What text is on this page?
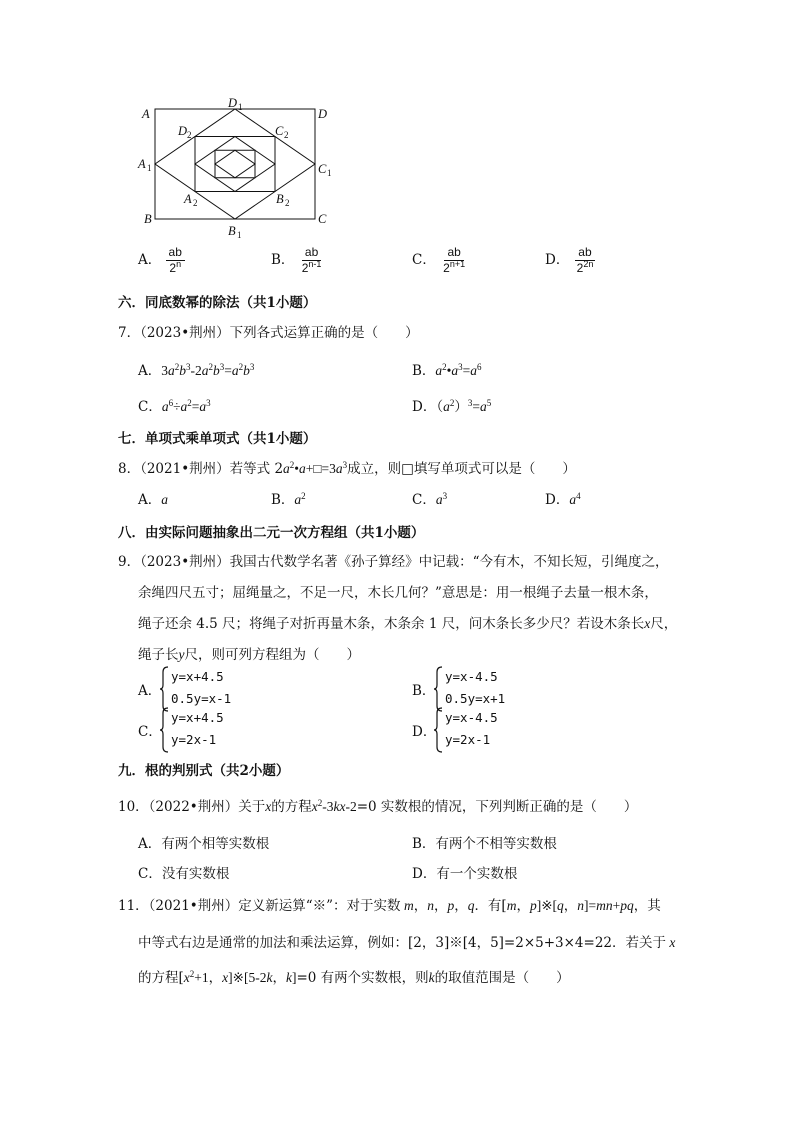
A
D 1	D
D 2	C 2
A 1	C 1
A 2	B 2
B
B 1
C
A． $\frac{ab}{2^n}$	B． $\frac{ab}{2^{n-1}}$	C． $\frac{ab}{2^{n+1}}$	D． $\frac{ab}{2^{2n}}$
六．同底数幂的除法（共1小题）
7．（2023•荆州）下列各式运算正确的是（　　）
A．$3a^2b^3-2a^2b^3=a^2b^3$	B．$a^2•a^3=a^6$
C．$a^6\div a^2=a^3$	D．$(a^2)^3=a^5$
七．单项式乘单项式（共1小题）
8．（2021•荆州）若等式 $2a^2•a+□=3a^3$成立，则□填写单项式可以是（　　）
A．a	B．$a^2$	C．$a^3$	D．$a^4$
八．由实际问题抽象出二元一次方程组（共1小题）
9．（2023•荆州）我国古代数学名著《孙子算经》中记载：“今有木，不知长短，引绳度之，
余绳四尺五寸；屈绳量之，不足一尺，木长几何？”意思是：用一根绳子去量一根木条，
绳子还余 4.5 尺；将绳子对折再量木条，木条余 1 尺，问木条长多少尺？若设木条长x尺，
绳子长y尺，则可列方程组为（　　）
A．
y=x+4.5
0.5y=x-1	B．
y=x-4.5
0.5y=x+1
C．
y=x+4.5
y=2x-1	D．
y=x-4.5
y=2x-1
九．根的判别式（共2小题）
10．（2022•荆州）关于x的方程$x^2-3kx-2=0$ 实数根的情况，下列判断正确的是（　　）
A．有两个相等实数根	B．有两个不相等实数根
C．没有实数根	D．有一个实数根
11．（2021•荆州）定义新运算“※”：对于实数 m，n，p，q．有[m，p]※[q，n]=mn+pq，其
中等式右边是通常的加法和乘法运算，例如：[2，3]※[4，5]=2×5+3×4=22．若关于 x
的方程[$x^2+1$，x]※[5-2k，k]=0 有两个实数根，则k的取值范围是（　　）
